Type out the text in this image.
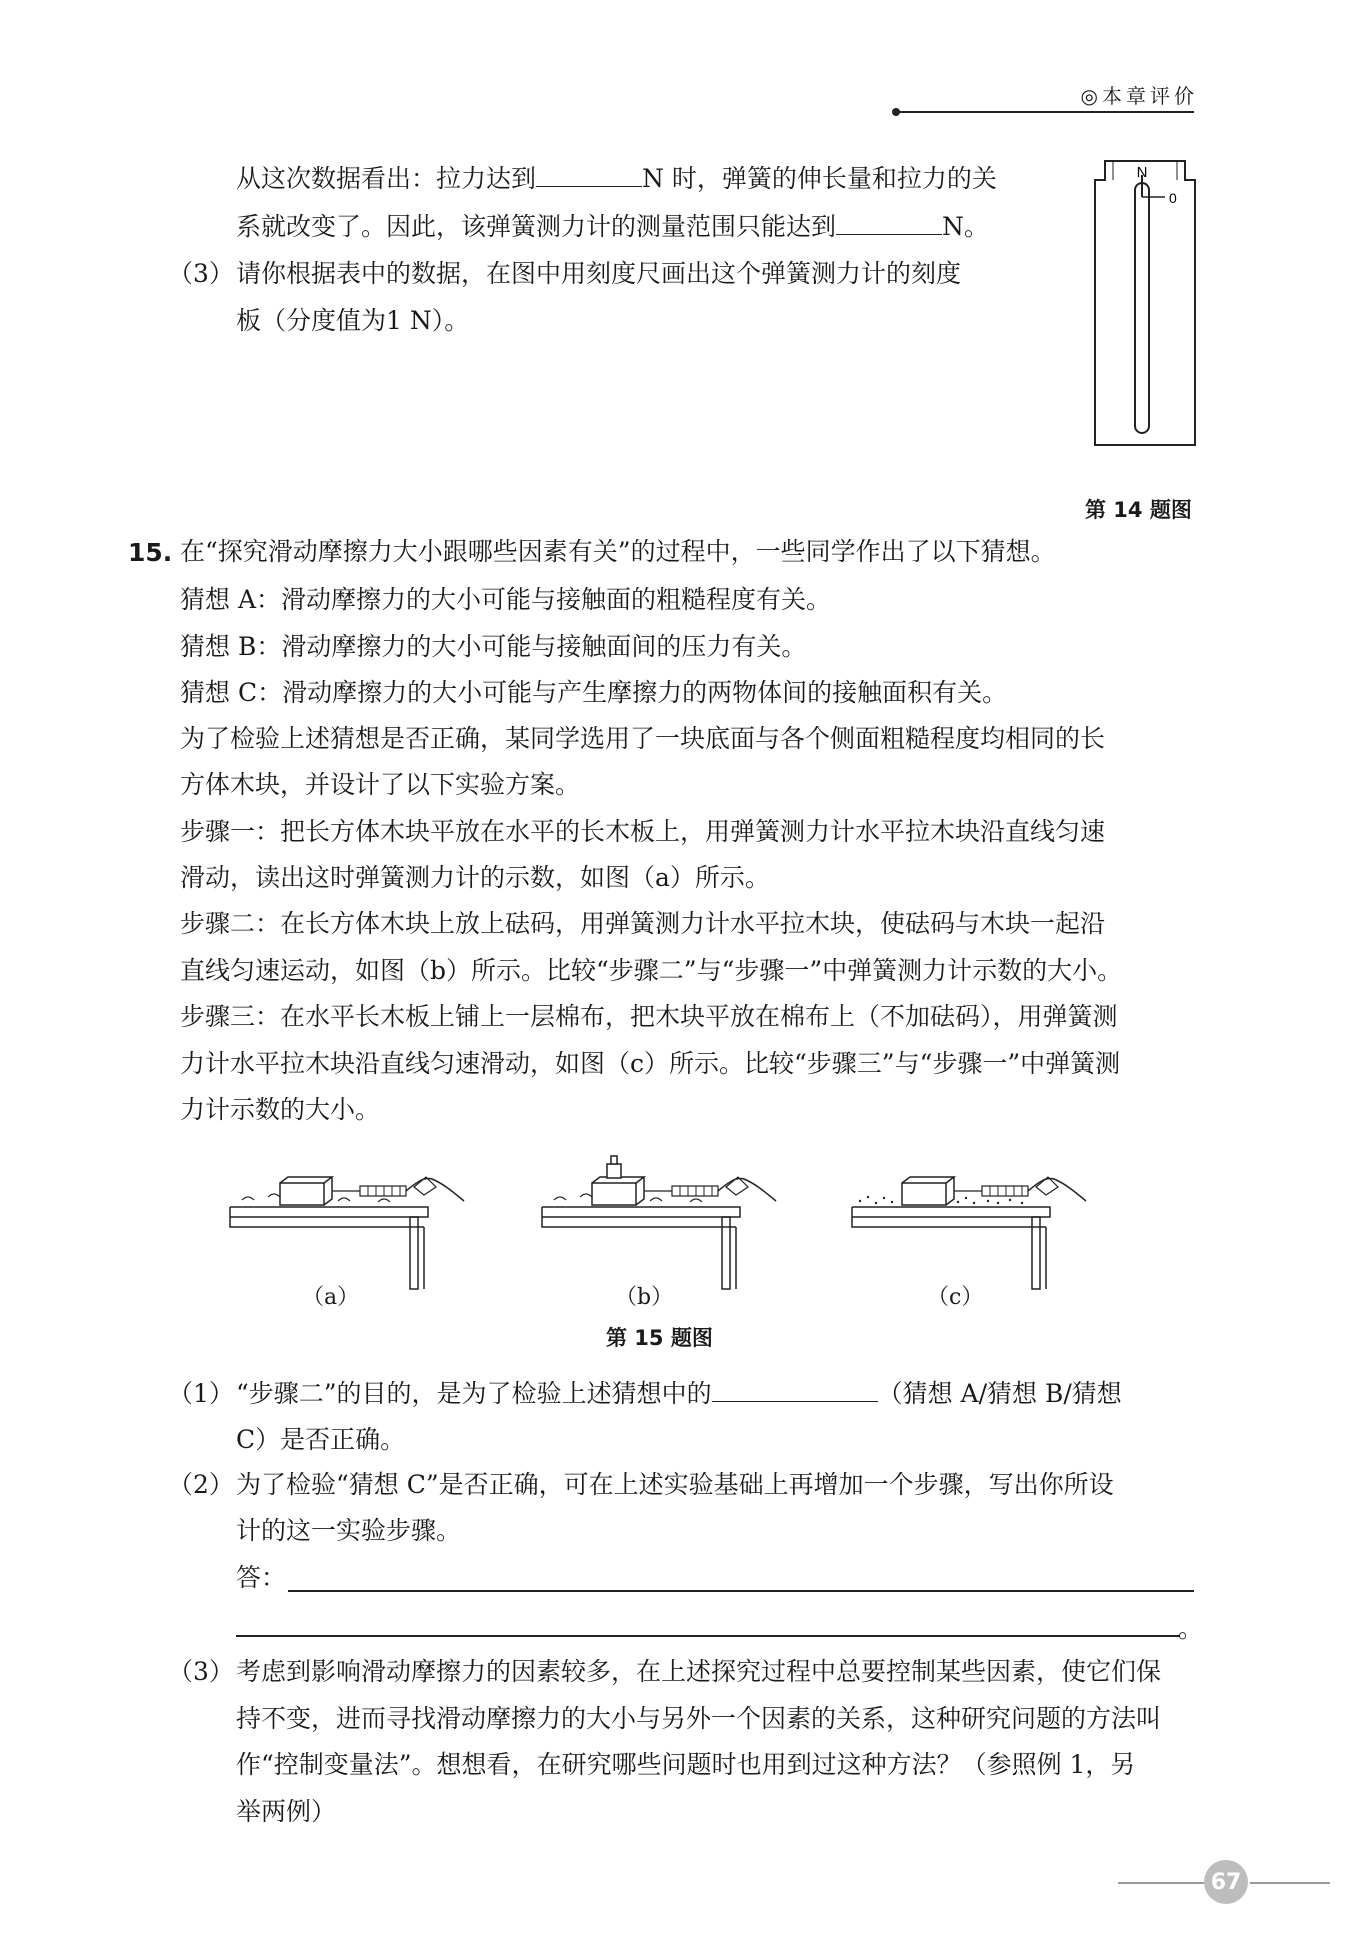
◎本章评价
从这次数据看出：拉力达到	N 时，弹簧的伸长量和拉力的关
系就改变了。因此，该弹簧测力计的测量范围只能达到	N。
（3） 请你根据表中的数据，在图中用刻度尺画出这个弹簧测力计的刻度
板（分度值为1 N）。
N
0
第 14 题图
15. 在“探究滑动摩擦力大小跟哪些因素有关”的过程中，一些同学作出了以下猜想。
猜想 A：滑动摩擦力的大小可能与接触面的粗糙程度有关。
猜想 B：滑动摩擦力的大小可能与接触面间的压力有关。
猜想 C：滑动摩擦力的大小可能与产生摩擦力的两物体间的接触面积有关。
为了检验上述猜想是否正确，某同学选用了一块底面与各个侧面粗糙程度均相同的长
方体木块，并设计了以下实验方案。
步骤一：把长方体木块平放在水平的长木板上，用弹簧测力计水平拉木块沿直线匀速
滑动，读出这时弹簧测力计的示数，如图（a）所示。
步骤二：在长方体木块上放上砝码，用弹簧测力计水平拉木块，使砝码与木块一起沿
直线匀速运动，如图（b）所示。比较“步骤二”与“步骤一”中弹簧测力计示数的大小。
步骤三：在水平长木板上铺上一层棉布，把木块平放在棉布上（不加砝码），用弹簧测
力计水平拉木块沿直线匀速滑动，如图（c）所示。比较“步骤三”与“步骤一”中弹簧测
力计示数的大小。
（a）	（b）	（c）
第 15 题图
（1） “步骤二”的目的，是为了检验上述猜想中的	（猜想 A/猜想 B/猜想
C）是否正确。
（2） 为了检验“猜想 C”是否正确，可在上述实验基础上再增加一个步骤，写出你所设
计的这一实验步骤。
答：
。
（3） 考虑到影响滑动摩擦力的因素较多，在上述探究过程中总要控制某些因素，使它们保
持不变，进而寻找滑动摩擦力的大小与另外一个因素的关系，这种研究问题的方法叫
作“控制变量法”。想想看，在研究哪些问题时也用到过这种方法？（参照例 1，另
举两例）
67
